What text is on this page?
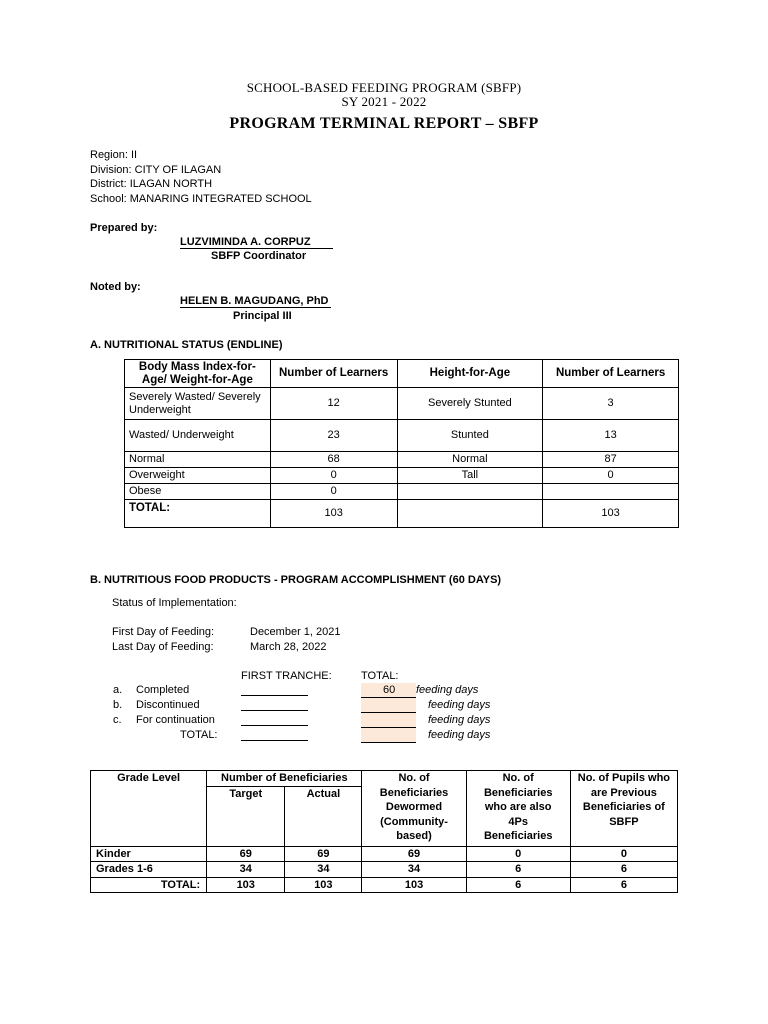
SCHOOL-BASED FEEDING PROGRAM (SBFP)
SY 2021 - 2022
PROGRAM TERMINAL REPORT – SBFP
Region: II
Division: CITY OF ILAGAN
District: ILAGAN NORTH
School: MANARING INTEGRATED SCHOOL
Prepared by:
LUZVIMINDA A. CORPUZ
SBFP Coordinator
Noted by:
HELEN B. MAGUDANG, PhD
Principal III
A. NUTRITIONAL STATUS (ENDLINE)
Body Mass Index-for-Age/ Weight-for-Age	Number of Learners	Height-for-Age	Number of Learners
Severely Wasted/ Severely Underweight	12	Severely Stunted	3
Wasted/ Underweight	23	Stunted	13
Normal	68	Normal	87
Overweight	0	Tall	0
Obese	0		
TOTAL:	103		103
B. NUTRITIOUS FOOD PRODUCTS - PROGRAM ACCOMPLISHMENT (60 DAYS)
Status of Implementation:
First Day of Feeding:	December 1, 2021
Last Day of Feeding:	March 28, 2022
FIRST TRANCHE:	TOTAL:
a. Completed	60	feeding days
b. Discontinued	feeding days
c. For continuation	feeding days
TOTAL:	feeding days
Grade Level	Number of Beneficiaries		No. of Beneficiaries Dewormed (Community-based)	No. of Beneficiaries who are also 4Ps Beneficiaries	No. of Pupils who are Previous Beneficiaries of SBFP
	Target	Actual			
Kinder	69	69	69	0	0
Grades 1-6	34	34	34	6	6
TOTAL:	103	103	103	6	6
